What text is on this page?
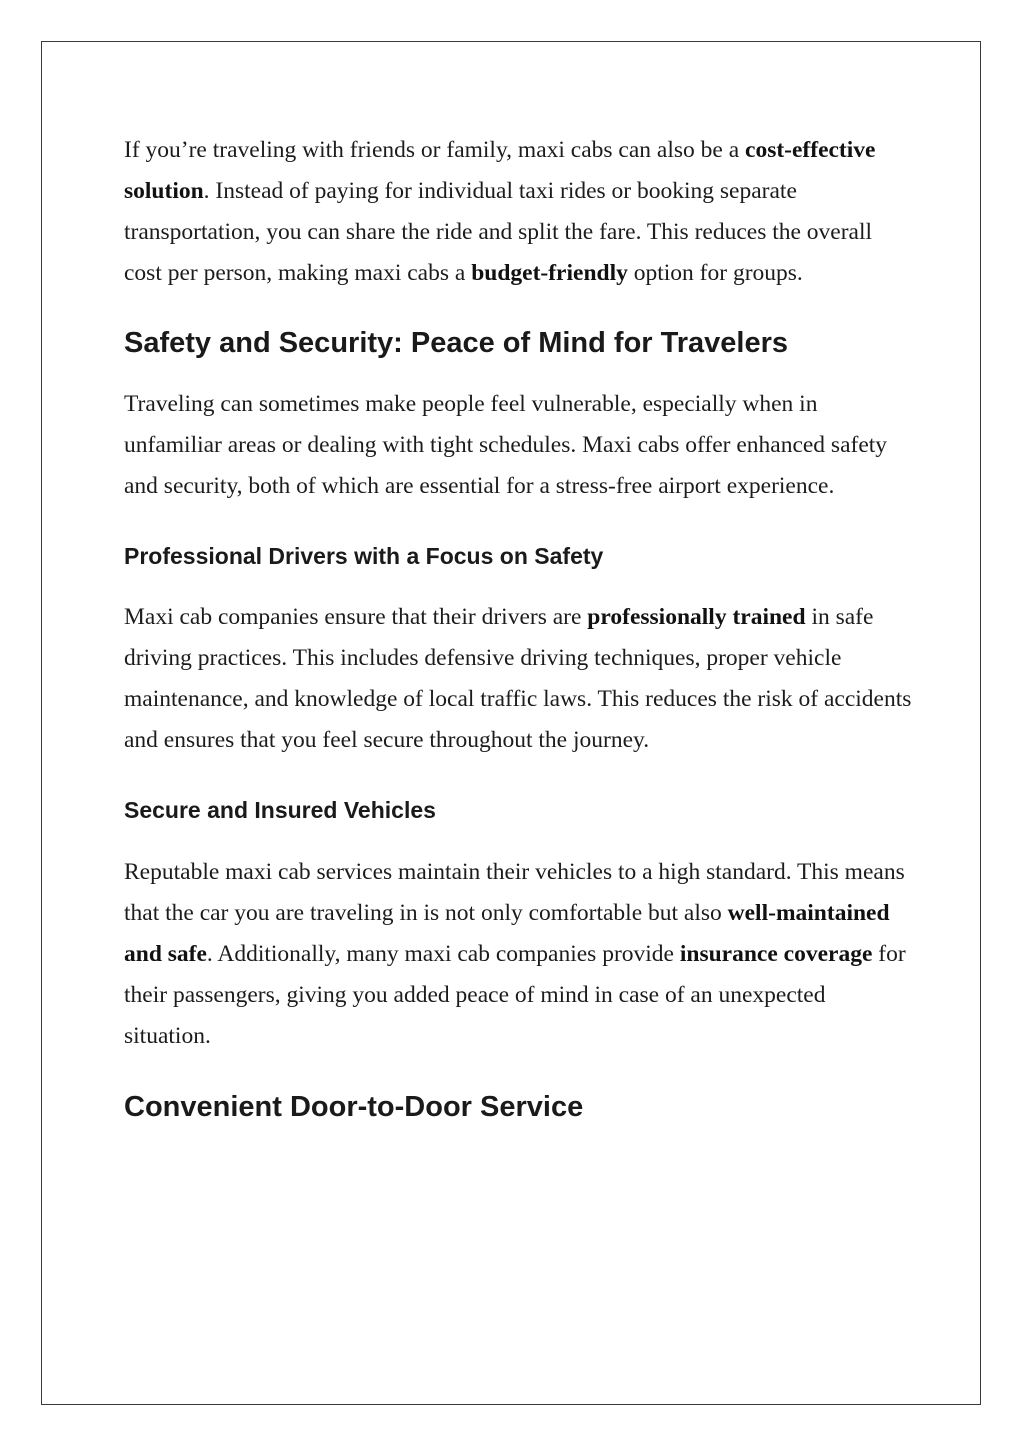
If you’re traveling with friends or family, maxi cabs can also be a cost-effective solution. Instead of paying for individual taxi rides or booking separate transportation, you can share the ride and split the fare. This reduces the overall cost per person, making maxi cabs a budget-friendly option for groups.

Safety and Security: Peace of Mind for Travelers

Traveling can sometimes make people feel vulnerable, especially when in unfamiliar areas or dealing with tight schedules. Maxi cabs offer enhanced safety and security, both of which are essential for a stress-free airport experience.

Professional Drivers with a Focus on Safety

Maxi cab companies ensure that their drivers are professionally trained in safe driving practices. This includes defensive driving techniques, proper vehicle maintenance, and knowledge of local traffic laws. This reduces the risk of accidents and ensures that you feel secure throughout the journey.

Secure and Insured Vehicles

Reputable maxi cab services maintain their vehicles to a high standard. This means that the car you are traveling in is not only comfortable but also well-maintained and safe. Additionally, many maxi cab companies provide insurance coverage for their passengers, giving you added peace of mind in case of an unexpected situation.

Convenient Door-to-Door Service
